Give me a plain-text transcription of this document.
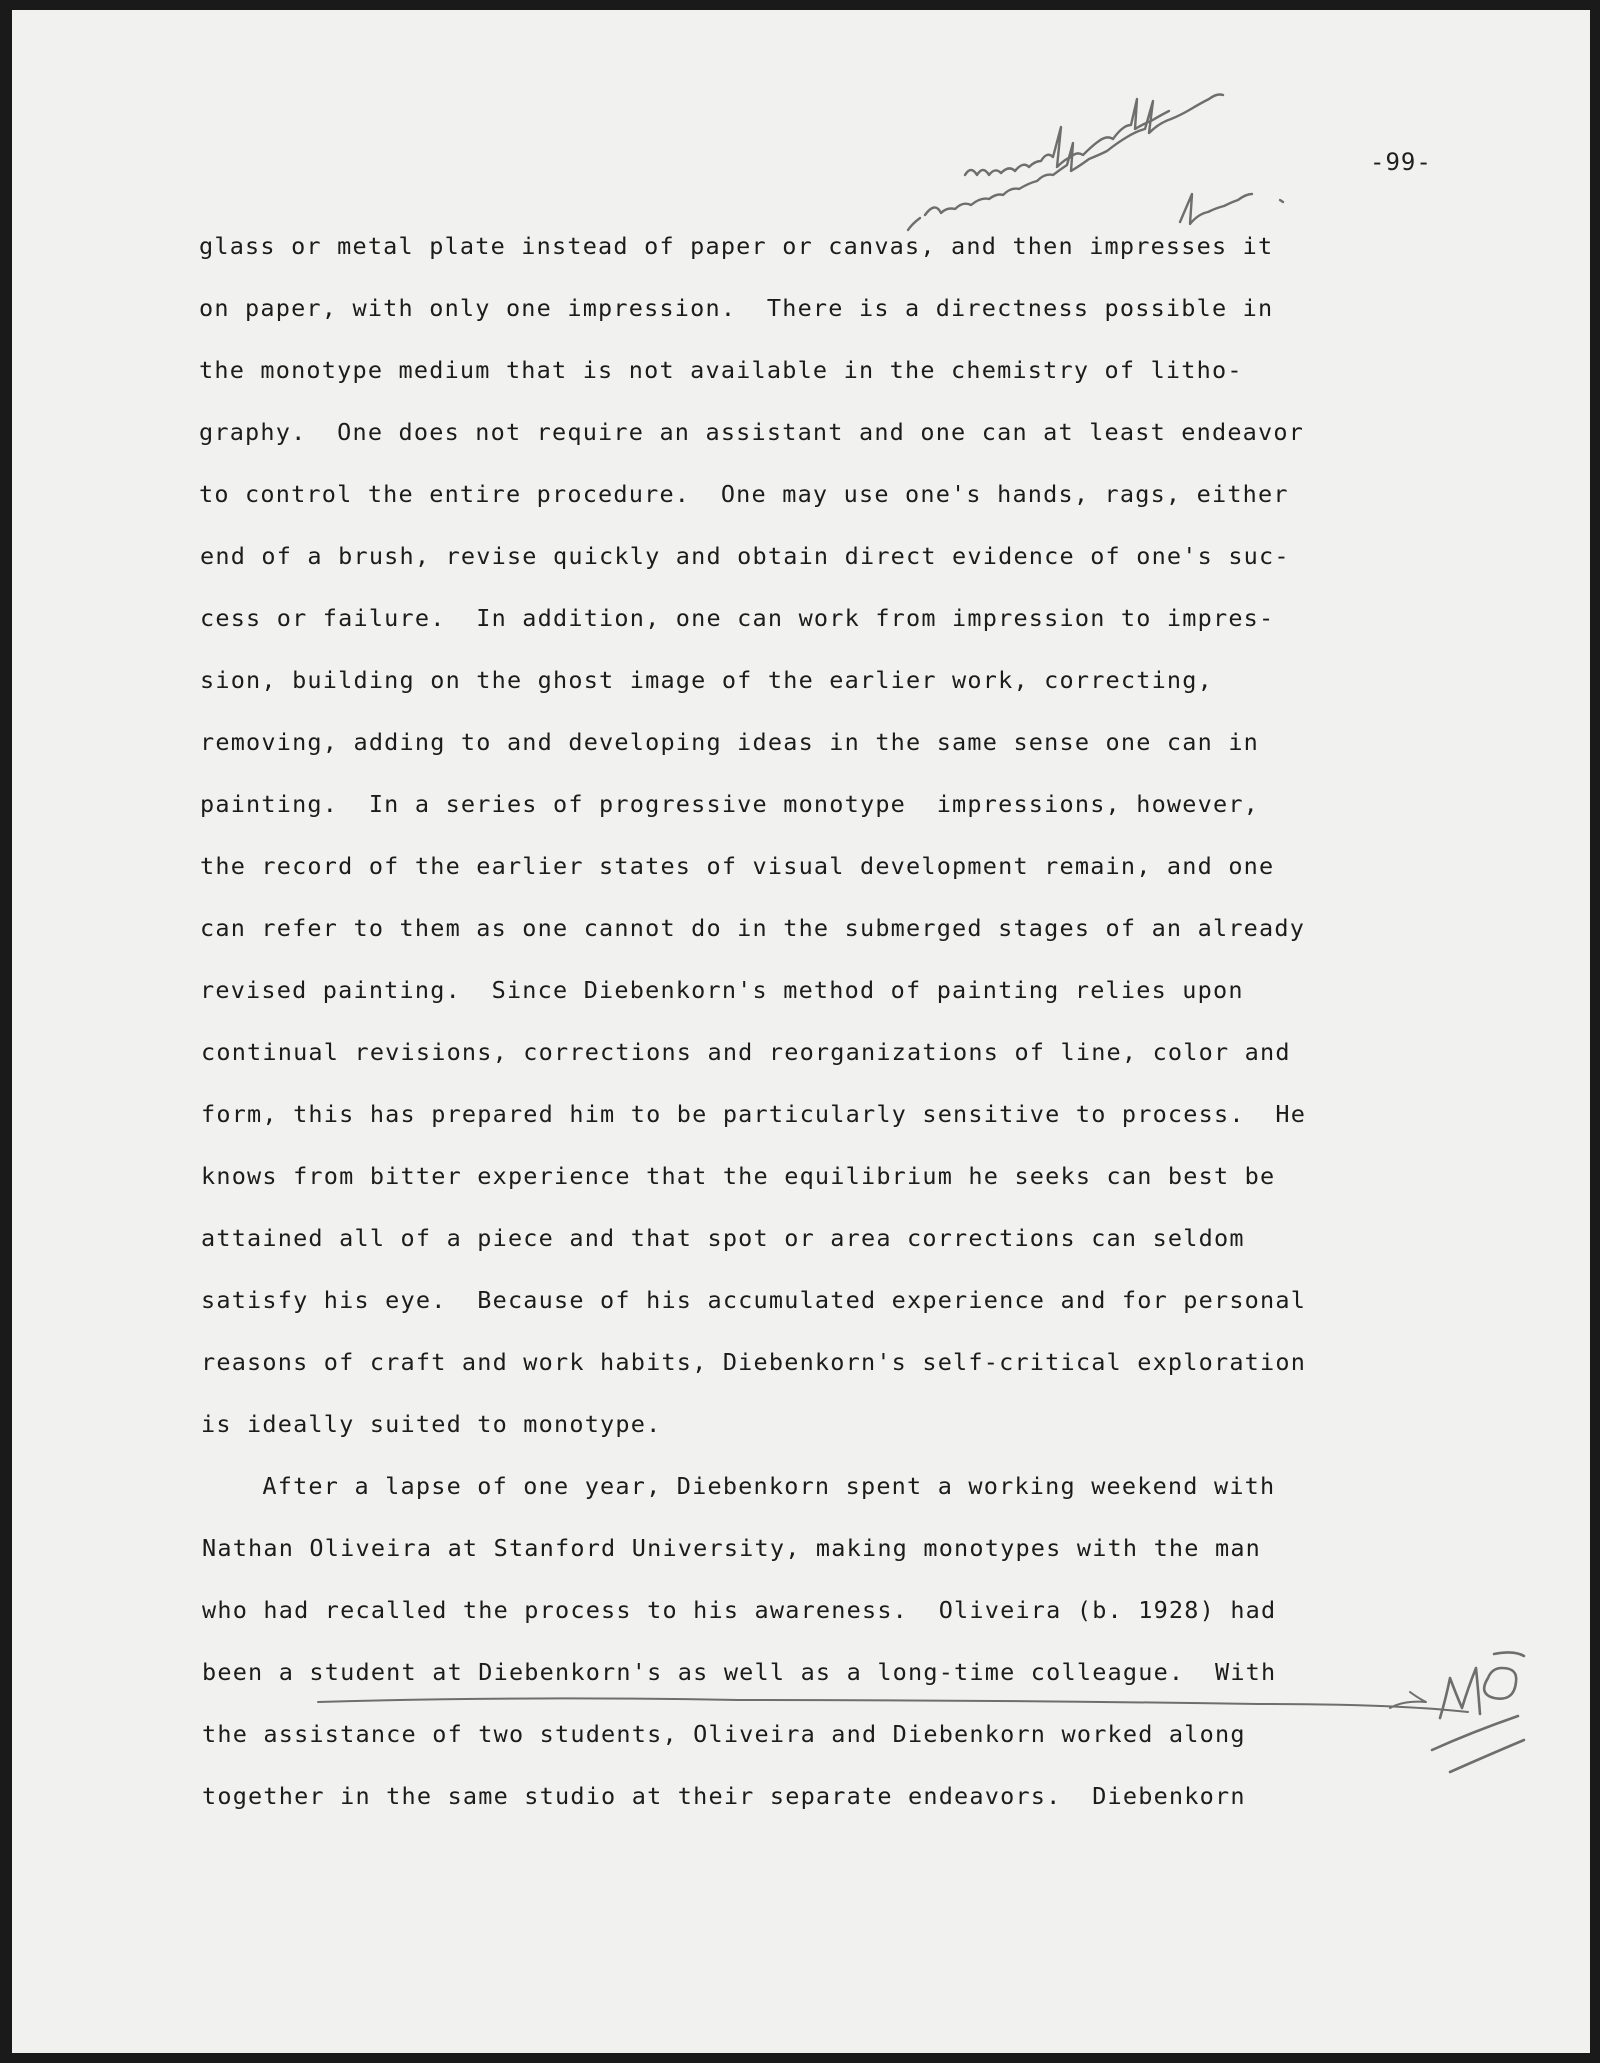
-99-
glass or metal plate instead of paper or canvas, and then impresses it
on paper, with only one impression.  There is a directness possible in
the monotype medium that is not available in the chemistry of litho-
graphy.  One does not require an assistant and one can at least endeavor
to control the entire procedure.  One may use one's hands, rags, either
end of a brush, revise quickly and obtain direct evidence of one's suc-
cess or failure.  In addition, one can work from impression to impres-
sion, building on the ghost image of the earlier work, correcting,
removing, adding to and developing ideas in the same sense one can in
painting.  In a series of progressive monotype  impressions, however,
the record of the earlier states of visual development remain, and one
can refer to them as one cannot do in the submerged stages of an already
revised painting.  Since Diebenkorn's method of painting relies upon
continual revisions, corrections and reorganizations of line, color and
form, this has prepared him to be particularly sensitive to process.  He
knows from bitter experience that the equilibrium he seeks can best be
attained all of a piece and that spot or area corrections can seldom
satisfy his eye.  Because of his accumulated experience and for personal
reasons of craft and work habits, Diebenkorn's self-critical exploration
is ideally suited to monotype.
After a lapse of one year, Diebenkorn spent a working weekend with
Nathan Oliveira at Stanford University, making monotypes with the man
who had recalled the process to his awareness.  Oliveira (b. 1928) had
been a student at Diebenkorn's as well as a long-time colleague.  With
the assistance of two students, Oliveira and Diebenkorn worked along
together in the same studio at their separate endeavors.  Diebenkorn
